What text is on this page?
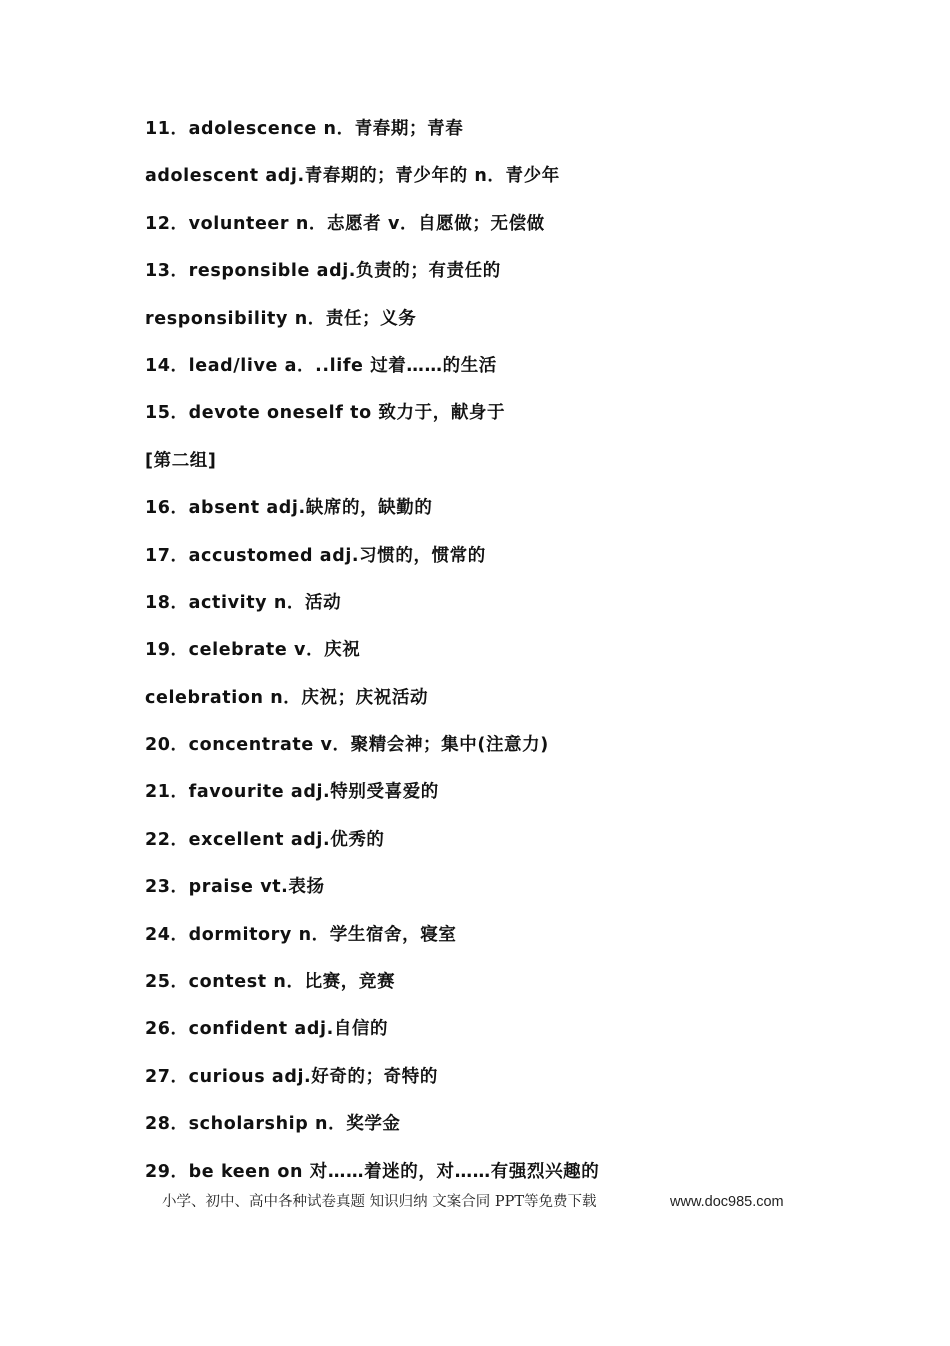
11．adolescence n．青春期；青春
adolescent adj.青春期的；青少年的 n．青少年
12．volunteer n．志愿者 v．自愿做；无偿做
13．responsible adj.负责的；有责任的
responsibility n．责任；义务
14．lead/live a．..life 过着……的生活
15．devote oneself to 致力于，献身于
[第二组]
16．absent adj.缺席的，缺勤的
17．accustomed adj.习惯的，惯常的
18．activity n．活动
19．celebrate v．庆祝
celebration n．庆祝；庆祝活动
20．concentrate v．聚精会神；集中(注意力)
21．favourite adj.特别受喜爱的
22．excellent adj.优秀的
23．praise vt.表扬
24．dormitory n．学生宿舍，寝室
25．contest n．比赛，竞赛
26．confident adj.自信的
27．curious adj.好奇的；奇特的
28．scholarship n．奖学金
29．be keen on 对……着迷的，对……有强烈兴趣的
小学、初中、高中各种试卷真题 知识归纳 文案合同 PPT等免费下载	www.doc985.com
